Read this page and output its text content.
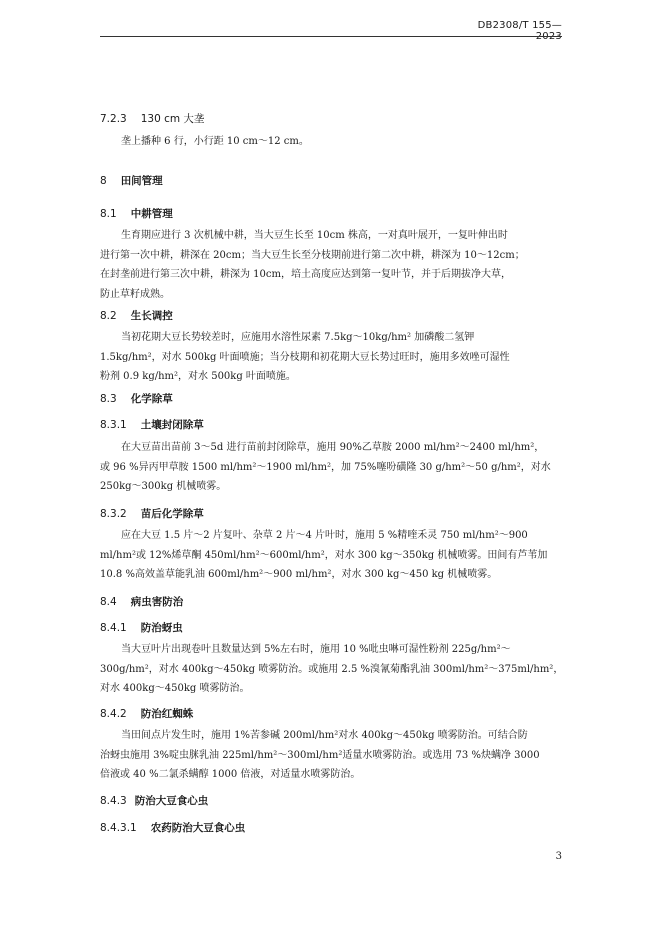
DB2308/T 155—
7.2.3 130 cm 大垄
垄上播种 6 行，小行距 10 cm～12 cm。
8 田间管理
8.1 中耕管理
生育期应进行 3 次机械中耕，当大豆生长至 10cm 株高，一对真叶展开，一复叶伸出时
进行第一次中耕，耕深在 20cm；当大豆生长至分枝期前进行第二次中耕，耕深为 10～12cm；
在封垄前进行第三次中耕，耕深为 10cm，培土高度应达到第一复叶节，并于后期拔净大草，
防止草籽成熟。
8.2 生长调控
当初花期大豆长势较差时，应施用水溶性尿素 7.5kg～10kg/hm² 加磷酸二氢钾
1.5kg/hm²，对水 500kg 叶面喷施；当分枝期和初花期大豆长势过旺时，施用多效唑可湿性
粉剂 0.9 kg/hm²，对水 500kg 叶面喷施。
8.3 化学除草
8.3.1 土壤封闭除草
在大豆苗出苗前 3～5d 进行苗前封闭除草，施用 90%乙草胺 2000 ml/hm²～2400 ml/hm²，
或 96 %异丙甲草胺 1500 ml/hm²～1900 ml/hm²，加 75%噻吩磺隆 30 g/hm²～50 g/hm²，对水
250kg～300kg 机械喷雾。
8.3.2 苗后化学除草
应在大豆 1.5 片～2 片复叶、杂草 2 片～4 片叶时，施用 5 %精喹禾灵 750 ml/hm²～900
ml/hm²或 12%烯草酮 450ml/hm²～600ml/hm²，对水 300 kg～350kg 机械喷雾。田间有芦苇加
10.8 %高效盖草能乳油 600ml/hm²～900 ml/hm²，对水 300 kg～450 kg 机械喷雾。
8.4 病虫害防治
8.4.1 防治蚜虫
当大豆叶片出现卷叶且数量达到 5%左右时，施用 10 %吡虫啉可湿性粉剂 225g/hm²～
300g/hm²，对水 400kg～450kg 喷雾防治。或施用 2.5 %溴氰菊酯乳油 300ml/hm²～375ml/hm²，
对水 400kg～450kg 喷雾防治。
8.4.2 防治红蜘蛛
当田间点片发生时，施用 1%苦参碱 200ml/hm²对水 400kg～450kg 喷雾防治。可结合防
治蚜虫施用 3%啶虫脒乳油 225ml/hm²～300ml/hm²适量水喷雾防治。或选用 73 %炔螨净 3000
倍液或 40 %二氯杀螨醇 1000 倍液，对适量水喷雾防治。
8.4.3 防治大豆食心虫
8.4.3.1 农药防治大豆食心虫
3
